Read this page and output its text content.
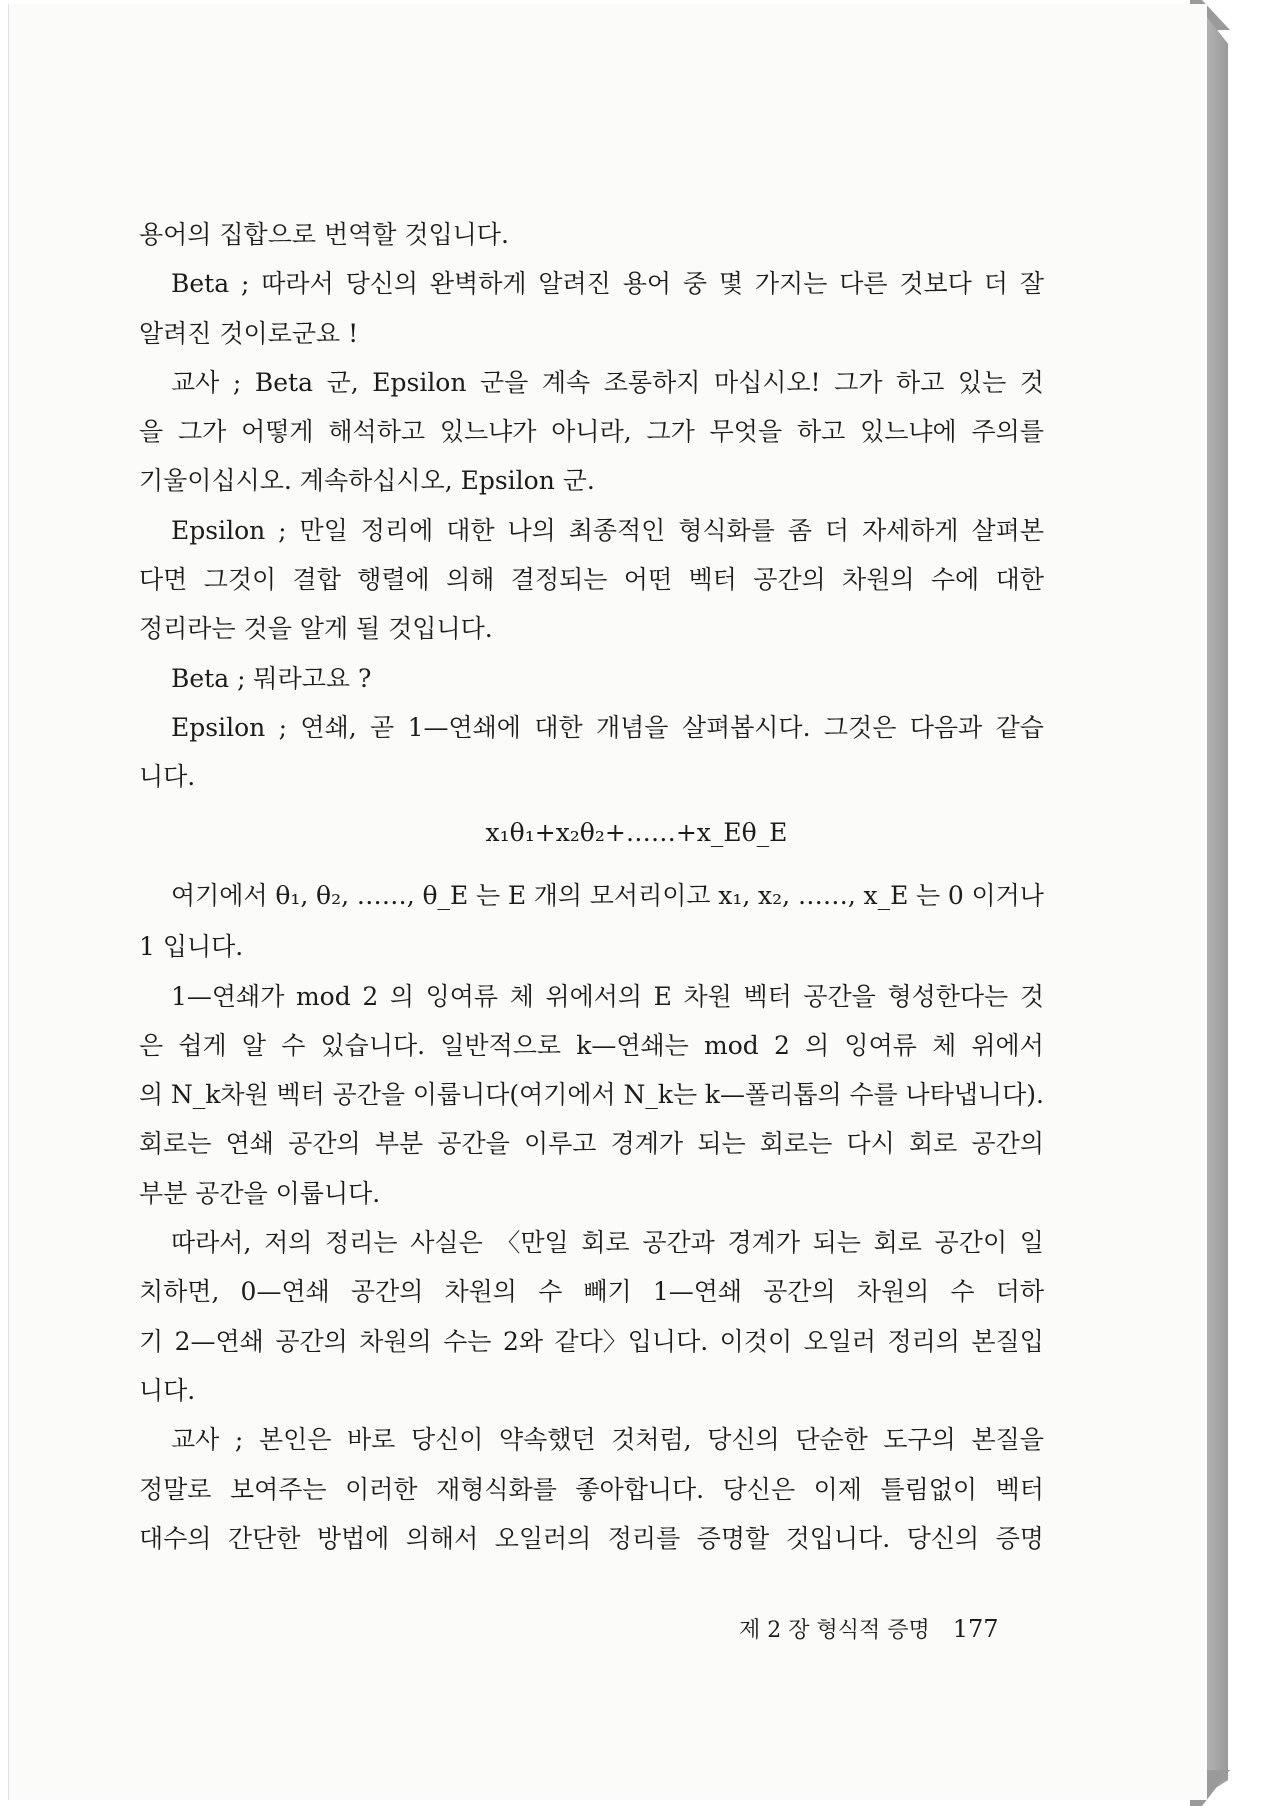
용어의 집합으로 번역할 것입니다.
Beta ; 따라서 당신의 완벽하게 알려진 용어 중 몇 가지는 다른 것보다 더 잘
알려진 것이로군요 !
교사 ; Beta 군, Epsilon 군을 계속 조롱하지 마십시오! 그가 하고 있는 것
을 그가 어떻게 해석하고 있느냐가 아니라, 그가 무엇을 하고 있느냐에 주의를
기울이십시오. 계속하십시오, Epsilon 군.
Epsilon ; 만일 정리에 대한 나의 최종적인 형식화를 좀 더 자세하게 살펴본
다면 그것이 결합 행렬에 의해 결정되는 어떤 벡터 공간의 차원의 수에 대한
정리라는 것을 알게 될 것입니다.
Beta ; 뭐라고요 ?
Epsilon ; 연쇄, 곧 1—연쇄에 대한 개념을 살펴봅시다. 그것은 다음과 같습
니다.
x₁θ₁+x₂θ₂+……+x_Eθ_E
여기에서 θ₁, θ₂, ……, θ_E 는 E 개의 모서리이고 x₁, x₂, ……, x_E 는 0 이거나
1 입니다.
1—연쇄가 mod 2 의 잉여류 체 위에서의 E 차원 벡터 공간을 형성한다는 것
은 쉽게 알 수 있습니다. 일반적으로 k—연쇄는 mod 2 의 잉여류 체 위에서
의 N_k차원 벡터 공간을 이룹니다(여기에서 N_k는 k—폴리톱의 수를 나타냅니다).
회로는 연쇄 공간의 부분 공간을 이루고 경계가 되는 회로는 다시 회로 공간의
부분 공간을 이룹니다.
따라서, 저의 정리는 사실은 〈만일 회로 공간과 경계가 되는 회로 공간이 일
치하면, 0—연쇄 공간의 차원의 수 빼기 1—연쇄 공간의 차원의 수 더하
기 2—연쇄 공간의 차원의 수는 2와 같다〉입니다. 이것이 오일러 정리의 본질입
니다.
교사 ; 본인은 바로 당신이 약속했던 것처럼, 당신의 단순한 도구의 본질을
정말로 보여주는 이러한 재형식화를 좋아합니다. 당신은 이제 틀림없이 벡터
대수의 간단한 방법에 의해서 오일러의 정리를 증명할 것입니다. 당신의 증명
제 2 장 형식적 증명 177
